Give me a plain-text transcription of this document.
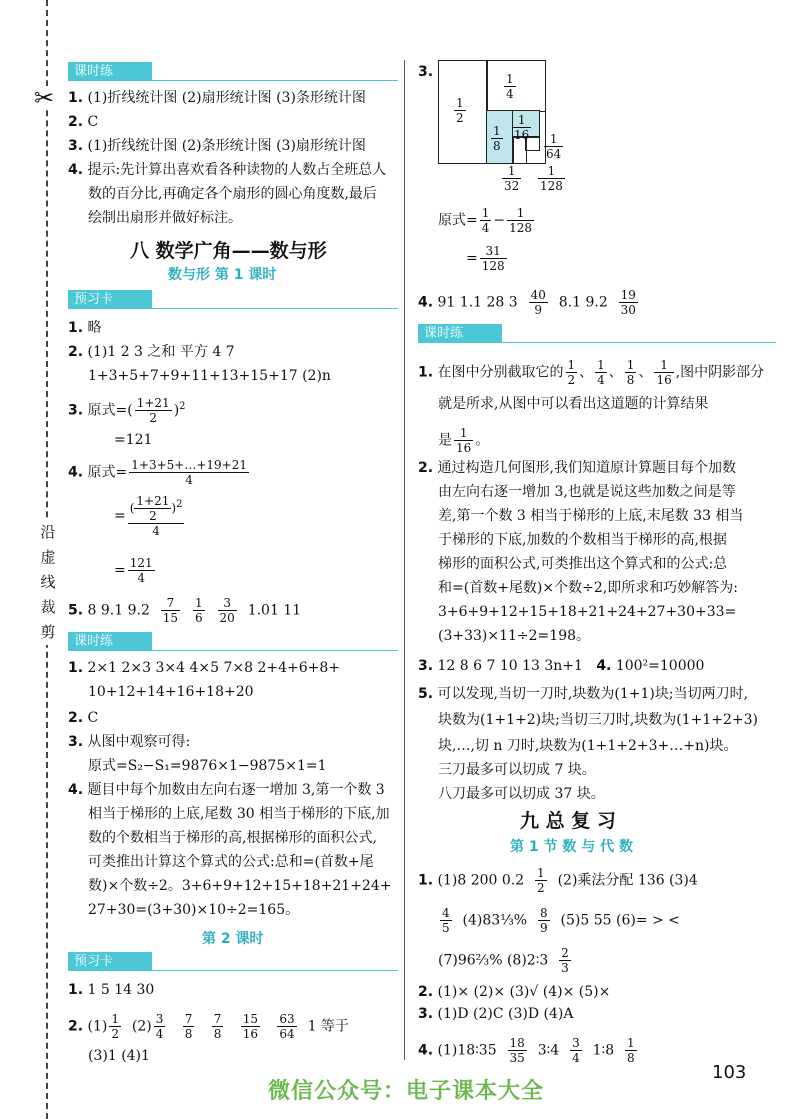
✂
沿虚线裁剪
课时练
1. (1)折线统计图 (2)扇形统计图 (3)条形统计图
2. C
3. (1)折线统计图 (2)条形统计图 (3)扇形统计图
4. 提示:先计算出喜欢看各种读物的人数占全班总人
数的百分比,再确定各个扇形的圆心角度数,最后
绘制出扇形并做好标注。
八 数学广角——数与形
数与形 第 1 课时
预习卡
1. 略
2. (1)1 2 3 之和 平方 4 7
1+3+5+7+9+11+13+15+17 (2)n
3. 原式=( $\frac{1+21}{2} )^2$
=121
4. 原式= $\frac{1+3+5+\dots+19+21}{4}$
= $\frac{( \frac{1+21}{2} )^2}{4}$
= $\frac{121}{4}$
5. 8 9.1 $9.2 \frac{7}{15}$
$\frac{1}{6}$
$\frac{3}{20} 1.01$ 11
课时练
1. 2×1 2×3 3×4 4×5 7×8 2+4+6+8+
10+12+14+16+18+20
2. C
3. 从图中观察可得:
原式=S₂−S₁=9876×1−9875×1=1
4. 题目中每个加数由左向右逐一增加 3,第一个数 3
相当于梯形的上底,尾数 30 相当于梯形的下底,加
数的个数相当于梯形的高,根据梯形的面积公式,
可类推出计算这个算式的公式:总和=(首数+尾
数)×个数÷2。3+6+9+12+15+18+21+24+
27+30=(3+30)×10÷2=165。
第 2 课时
预习卡
1. 1 5 14 30
2. $(1) \frac{1}{2} (2) \frac{3}{4}$
$\frac{7}{8}$
$\frac{7}{8}$
$\frac{15}{16}$
$\frac{63}{64} 1$ 等于
(3)1 (4)1
3.
$\frac{1}{2}$
$\frac{1}{4}$
$\frac{1}{8} \frac{1}{16}$
$\frac{1}{64}$
$\frac{1}{32} \frac{1}{128}$
原式= $\frac{1}{4} - \frac{1}{128}$
= $\frac{31}{128}$
4. 91 1.1 28 $3 \frac{40}{9} 8.1$ $9.2 \frac{19}{30}$
课时练
1. 在图中分别截取它的 $\frac{1}{2}$ 、 $\frac{1}{4}$ 、 $\frac{1}{8}$ 、 $\frac{1}{16}$ ,图中阴影部分
就是所求,从图中可以看出这道题的计算结果
是 $\frac{1}{16}$ 。
2. 通过构造几何图形,我们知道原计算题目每个加数
由左向右逐一增加 3,也就是说这些加数之间是等
差,第一个数 3 相当于梯形的上底,末尾数 33 相当
于梯形的下底,加数的个数相当于梯形的高,根据
梯形的面积公式,可类推出这个算式和的公式:总
和=(首数+尾数)×个数÷2,即所求和巧妙解答为:
3+6+9+12+15+18+21+24+27+30+33=
(3+33)×11÷2=198。
3. 12 8 6 7 10 13 3n+1 4. 100²=10000
5. 可以发现,当切一刀时,块数为(1+1)块;当切两刀时,
块数为(1+1+2)块;当切三刀时,块数为(1+1+2+3)
块,…,切 n 刀时,块数为(1+1+2+3+…+n)块。
三刀最多可以切成 7 块。
八刀最多可以切成 37 块。
九 总 复 习
第 1 节 数 与 代 数
1. (1)8 200 $0.2 \frac{1}{2} (2)$乘法分配 136 (3)4
$\frac{4}{5}$ (4)83⅓% $\frac{8}{9} (5)5$ 55 (6)= > <
(7)96⅔% (8)2∶3 $\frac{2}{3}$
2. (1)× (2)× (3)√ (4)× (5)×
3. (1)D (2)C (3)D (4)A
4. (1)18∶35 $\frac{18}{35}$ 3∶4 $\frac{3}{4}$ 1∶8 $\frac{1}{8}$
103
微信公众号：电子课本大全
